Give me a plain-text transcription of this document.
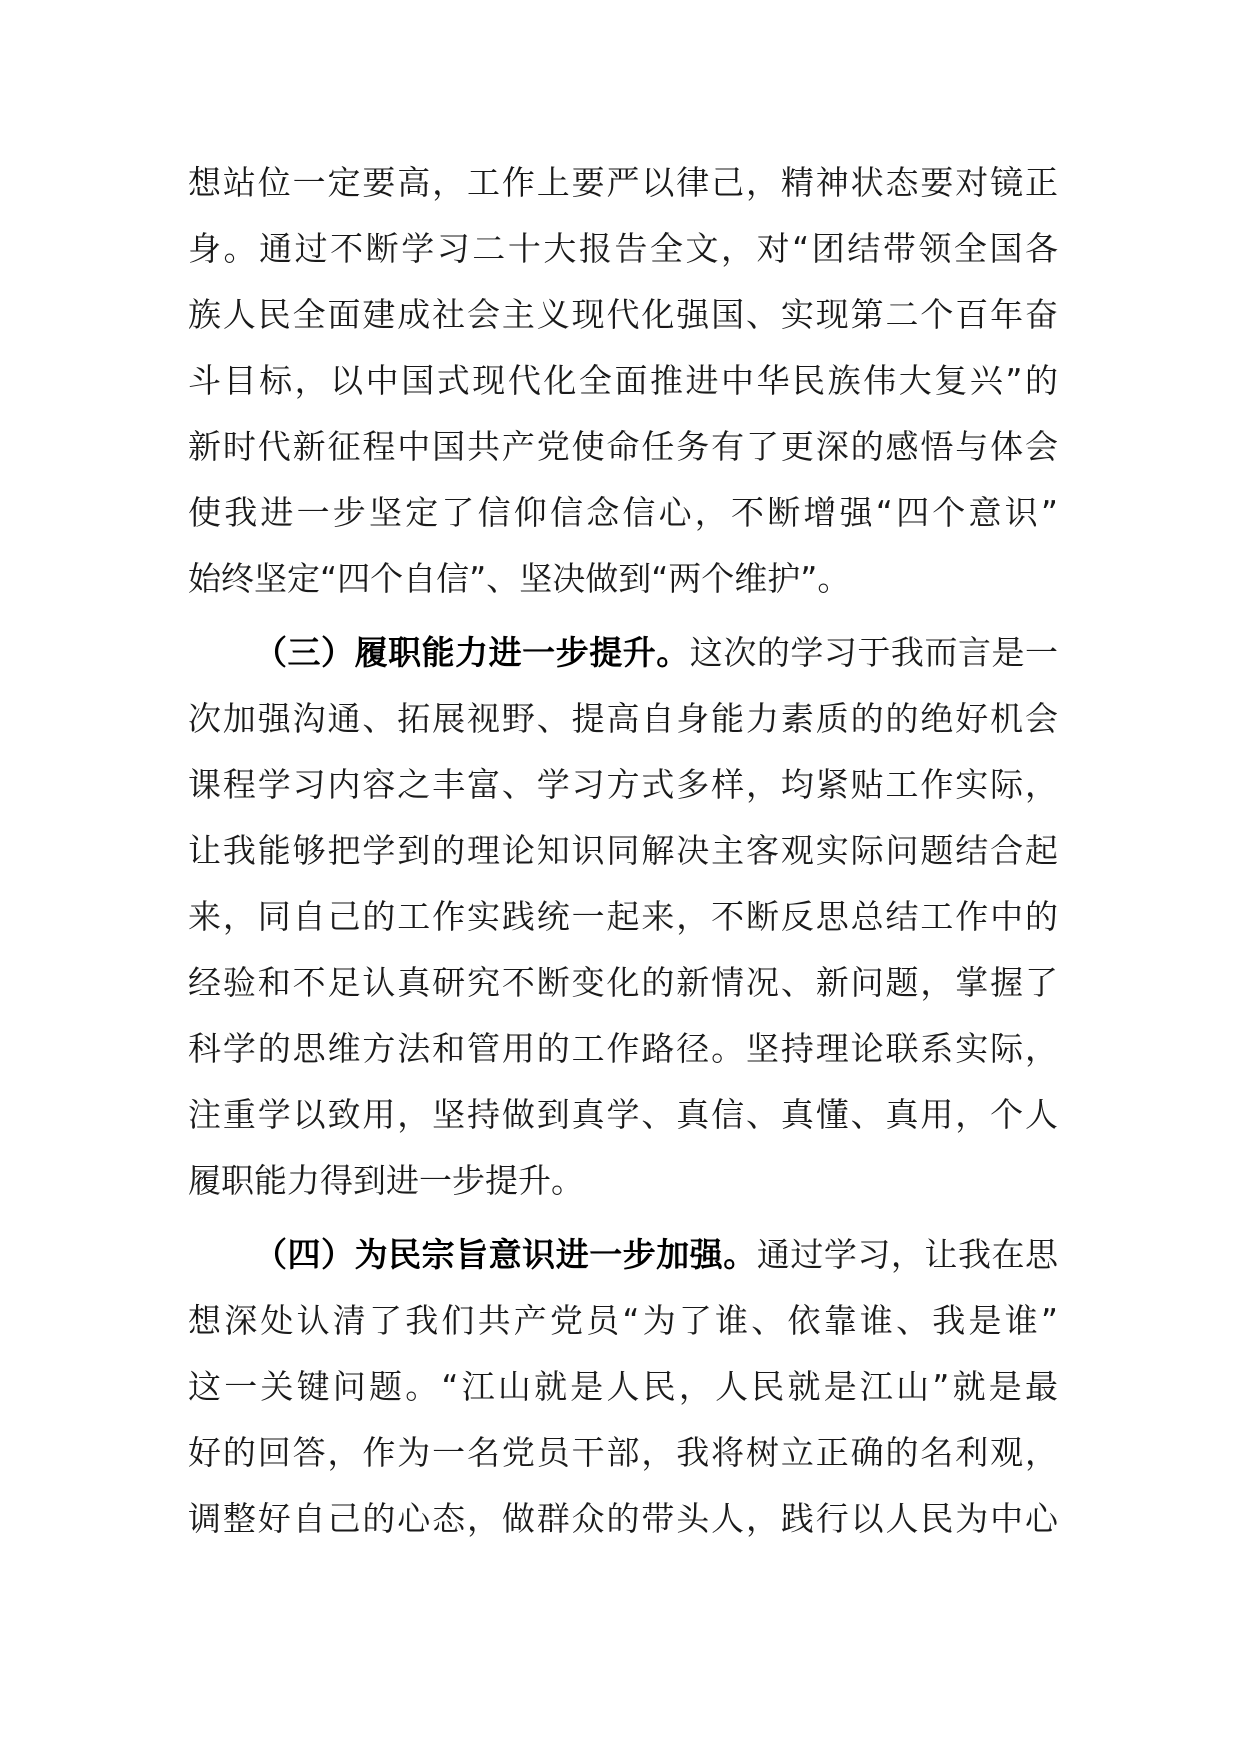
想站位一定要高，工作上要严以律己，精神状态要对镜正
身。通过不断学习二十大报告全文，对“团结带领全国各
族人民全面建成社会主义现代化强国、实现第二个百年奋
斗目标，以中国式现代化全面推进中华民族伟大复兴”的
新时代新征程中国共产党使命任务有了更深的感悟与体会
使我进一步坚定了信仰信念信心，不断增强“四个意识”
始终坚定“四个自信”、坚决做到“两个维护”。
（三）履职能力进一步提升。这次的学习于我而言是一
次加强沟通、拓展视野、提高自身能力素质的的绝好机会
课程学习内容之丰富、学习方式多样，均紧贴工作实际，
让我能够把学到的理论知识同解决主客观实际问题结合起
来，同自己的工作实践统一起来，不断反思总结工作中的
经验和不足认真研究不断变化的新情况、新问题，掌握了
科学的思维方法和管用的工作路径。坚持理论联系实际，
注重学以致用，坚持做到真学、真信、真懂、真用，个人
履职能力得到进一步提升。
（四）为民宗旨意识进一步加强。通过学习，让我在思
想深处认清了我们共产党员“为了谁、依靠谁、我是谁”
这一关键问题。“江山就是人民，人民就是江山”就是最
好的回答，作为一名党员干部，我将树立正确的名利观，
调整好自己的心态，做群众的带头人，践行以人民为中心
